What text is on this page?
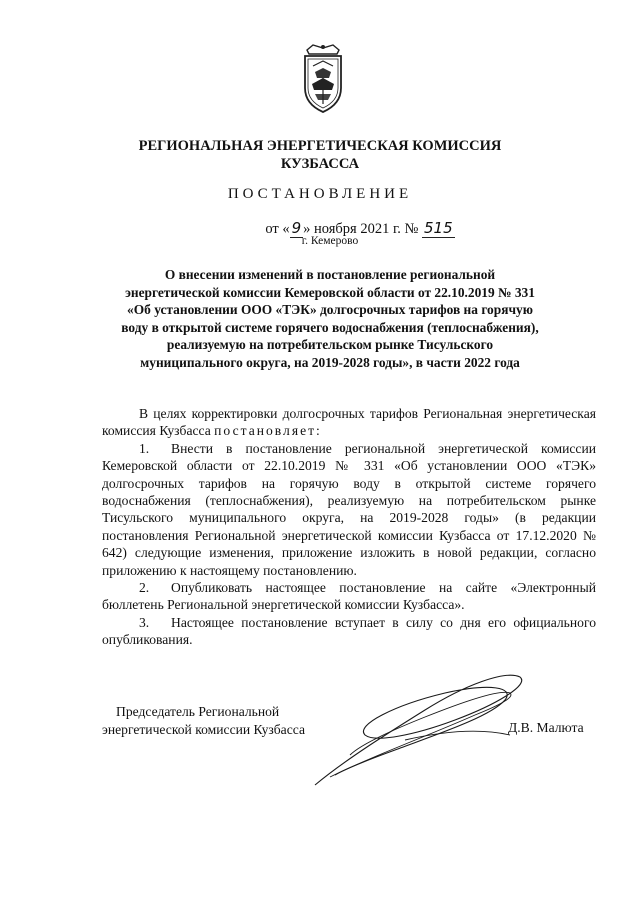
РЕГИОНАЛЬНАЯ ЭНЕРГЕТИЧЕСКАЯ КОМИССИЯ
КУЗБАССА
ПОСТАНОВЛЕНИЕ
от « 9 » ноября 2021 г. № 515
г. Кемерово
О внесении изменений в постановление региональной
энергетической комиссии Кемеровской области от 22.10.2019 № 331
«Об установлении ООО «ТЭК» долгосрочных тарифов на горячую
воду в открытой системе горячего водоснабжения (теплоснабжения),
реализуемую на потребительском рынке Тисульского
муниципального округа, на 2019-2028 годы», в части 2022 года

В целях корректировки долгосрочных тарифов Региональная энергетическая комиссия Кузбасса постановляет:

1. Внести в постановление региональной энергетической комиссии Кемеровской области от 22.10.2019 № 331 «Об установлении ООО «ТЭК» долгосрочных тарифов на горячую воду в открытой системе горячего водоснабжения (теплоснабжения), реализуемую на потребительском рынке Тисульского муниципального округа, на 2019-2028 годы» (в редакции постановления Региональной энергетической комиссии Кузбасса от 17.12.2020 № 642) следующие изменения, приложение изложить в новой редакции, согласно приложению к настоящему постановлению.

2. Опубликовать настоящее постановление на сайте «Электронный бюллетень Региональной энергетической комиссии Кузбасса».

3. Настоящее постановление вступает в силу со дня его официального опубликования.

Председатель Региональной
энергетической комиссии Кузбасса	Д.В. Малюта
